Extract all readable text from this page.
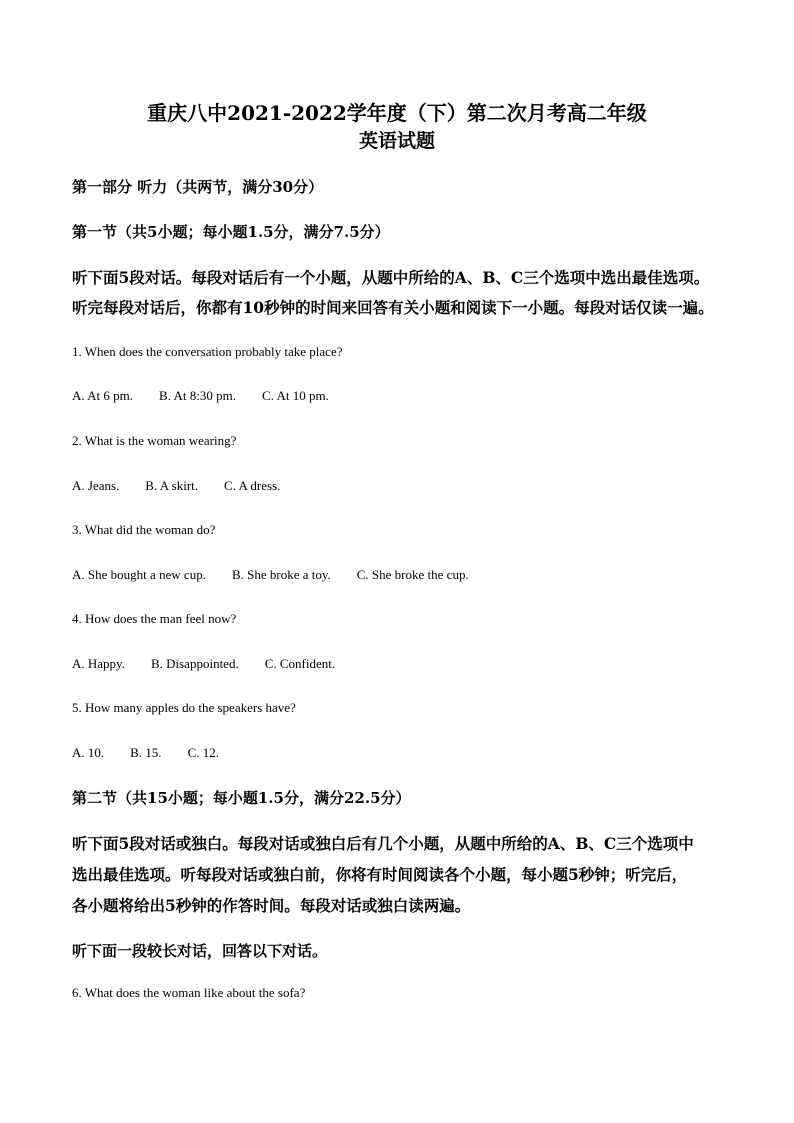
重庆八中2021-2022学年度（下）第二次月考高二年级
英语试题
第一部分 听力（共两节，满分30分）
第一节（共5小题；每小题1.5分，满分7.5分）
听下面5段对话。每段对话后有一个小题，从题中所给的A、B、C三个选项中选出最佳选项。
听完每段对话后，你都有10秒钟的时间来回答有关小题和阅读下一小题。每段对话仅读一遍。
1. When does the conversation probably take place?
A. At 6 pm. B. At 8:30 pm. C. At 10 pm.
2. What is the woman wearing?
A. Jeans. B. A skirt. C. A dress.
3. What did the woman do?
A. She bought a new cup. B. She broke a toy. C. She broke the cup.
4. How does the man feel now?
A. Happy. B. Disappointed. C. Confident.
5. How many apples do the speakers have?
A. 10. B. 15. C. 12.
第二节（共15小题；每小题1.5分，满分22.5分）
听下面5段对话或独白。每段对话或独白后有几个小题，从题中所给的A、B、C三个选项中
选出最佳选项。听每段对话或独白前，你将有时间阅读各个小题，每小题5秒钟；听完后，
各小题将给出5秒钟的作答时间。每段对话或独白读两遍。
听下面一段较长对话，回答以下对话。
6. What does the woman like about the sofa?
